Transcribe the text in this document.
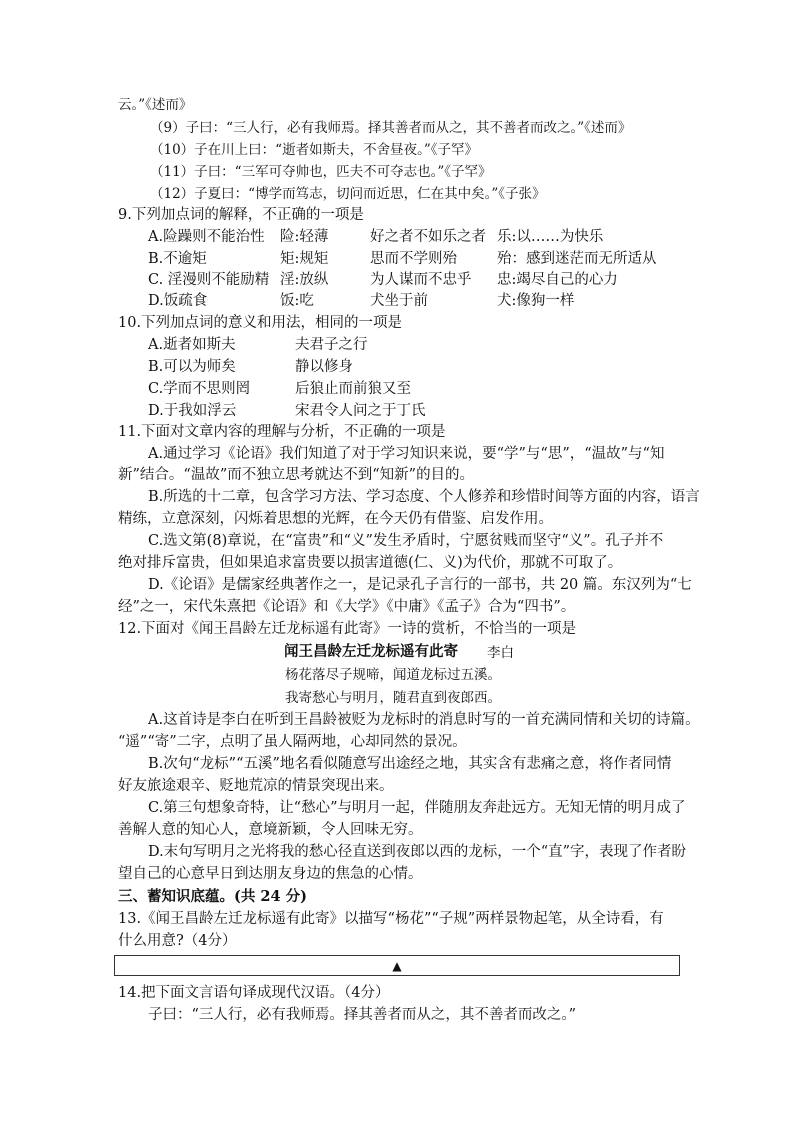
云。”《述而》
（9）子曰：“三人行，必有我师焉。择其善者而从之，其不善者而改之。”《述而》
（10）子在川上曰：“逝者如斯夫，不舍昼夜。”《子罕》
（11）子曰：“三军可夺帅也，匹夫不可夺志也。”《子罕》
（12）子夏曰：“博学而笃志，切问而近思，仁在其中矣。”《子张》
9.下列加点词的解释，不正确的一项是
A.险躁则不能治性 险:轻薄	好之者不如乐之者 乐:以……为快乐
B.不逾矩	矩:规矩	思而不学则殆	殆：感到迷茫而无所适从
C. 淫漫则不能励精 淫:放纵	为人谋而不忠乎 忠:竭尽自己的心力
D.饭疏食	饭:吃	犬坐于前	犬:像狗一样
10.下列加点词的意义和用法，相同的一项是
A.逝者如斯夫	夫君子之行
B.可以为师矣	静以修身
C.学而不思则罔	后狼止而前狼又至
D.于我如浮云	宋君令人问之于丁氏
11.下面对文章内容的理解与分析，不正确的一项是
A.通过学习《论语》我们知道了对于学习知识来说，要“学”与“思”，“温故”与“知
新”结合。“温故”而不独立思考就达不到“知新”的目的。
B.所选的十二章，包含学习方法、学习态度、个人修养和珍惜时间等方面的内容，语言
精练，立意深刻，闪烁着思想的光辉，在今天仍有借鉴、启发作用。
C.选文第(8)章说，在“富贵”和“义”发生矛盾时，宁愿贫贱而坚守“义”。孔子并不
绝对排斥富贵，但如果追求富贵要以损害道德(仁、义)为代价，那就不可取了。
D.《论语》是儒家经典著作之一，是记录孔子言行的一部书，共 20 篇。东汉列为“七
经”之一，宋代朱熹把《论语》和《大学》《中庸》《孟子》合为“四书”。
12.下面对《闻王昌龄左迁龙标遥有此寄》一诗的赏析，不恰当的一项是
闻王昌龄左迁龙标遥有此寄 李白
杨花落尽子规啼，闻道龙标过五溪。
我寄愁心与明月，随君直到夜郎西。
A.这首诗是李白在听到王昌龄被贬为龙标时的消息时写的一首充满同情和关切的诗篇。
“遥”“寄”二字，点明了虽人隔两地，心却同然的景况。
B.次句“龙标”“五溪”地名看似随意写出途经之地，其实含有悲痛之意，将作者同情
好友旅途艰辛、贬地荒凉的情景突现出来。
C.第三句想象奇特，让“愁心”与明月一起，伴随朋友奔赴远方。无知无情的明月成了
善解人意的知心人，意境新颖，令人回味无穷。
D.末句写明月之光将我的愁心径直送到夜郎以西的龙标，一个“直”字，表现了作者盼
望自己的心意早日到达朋友身边的焦急的心情。
三、蓄知识底蕴。(共 24 分)
13.《闻王昌龄左迁龙标遥有此寄》以描写“杨花”“子规”两样景物起笔，从全诗看，有
什么用意?（4分）
▲
14.把下面文言语句译成现代汉语。（4分）
子曰：“三人行，必有我师焉。择其善者而从之，其不善者而改之。”
